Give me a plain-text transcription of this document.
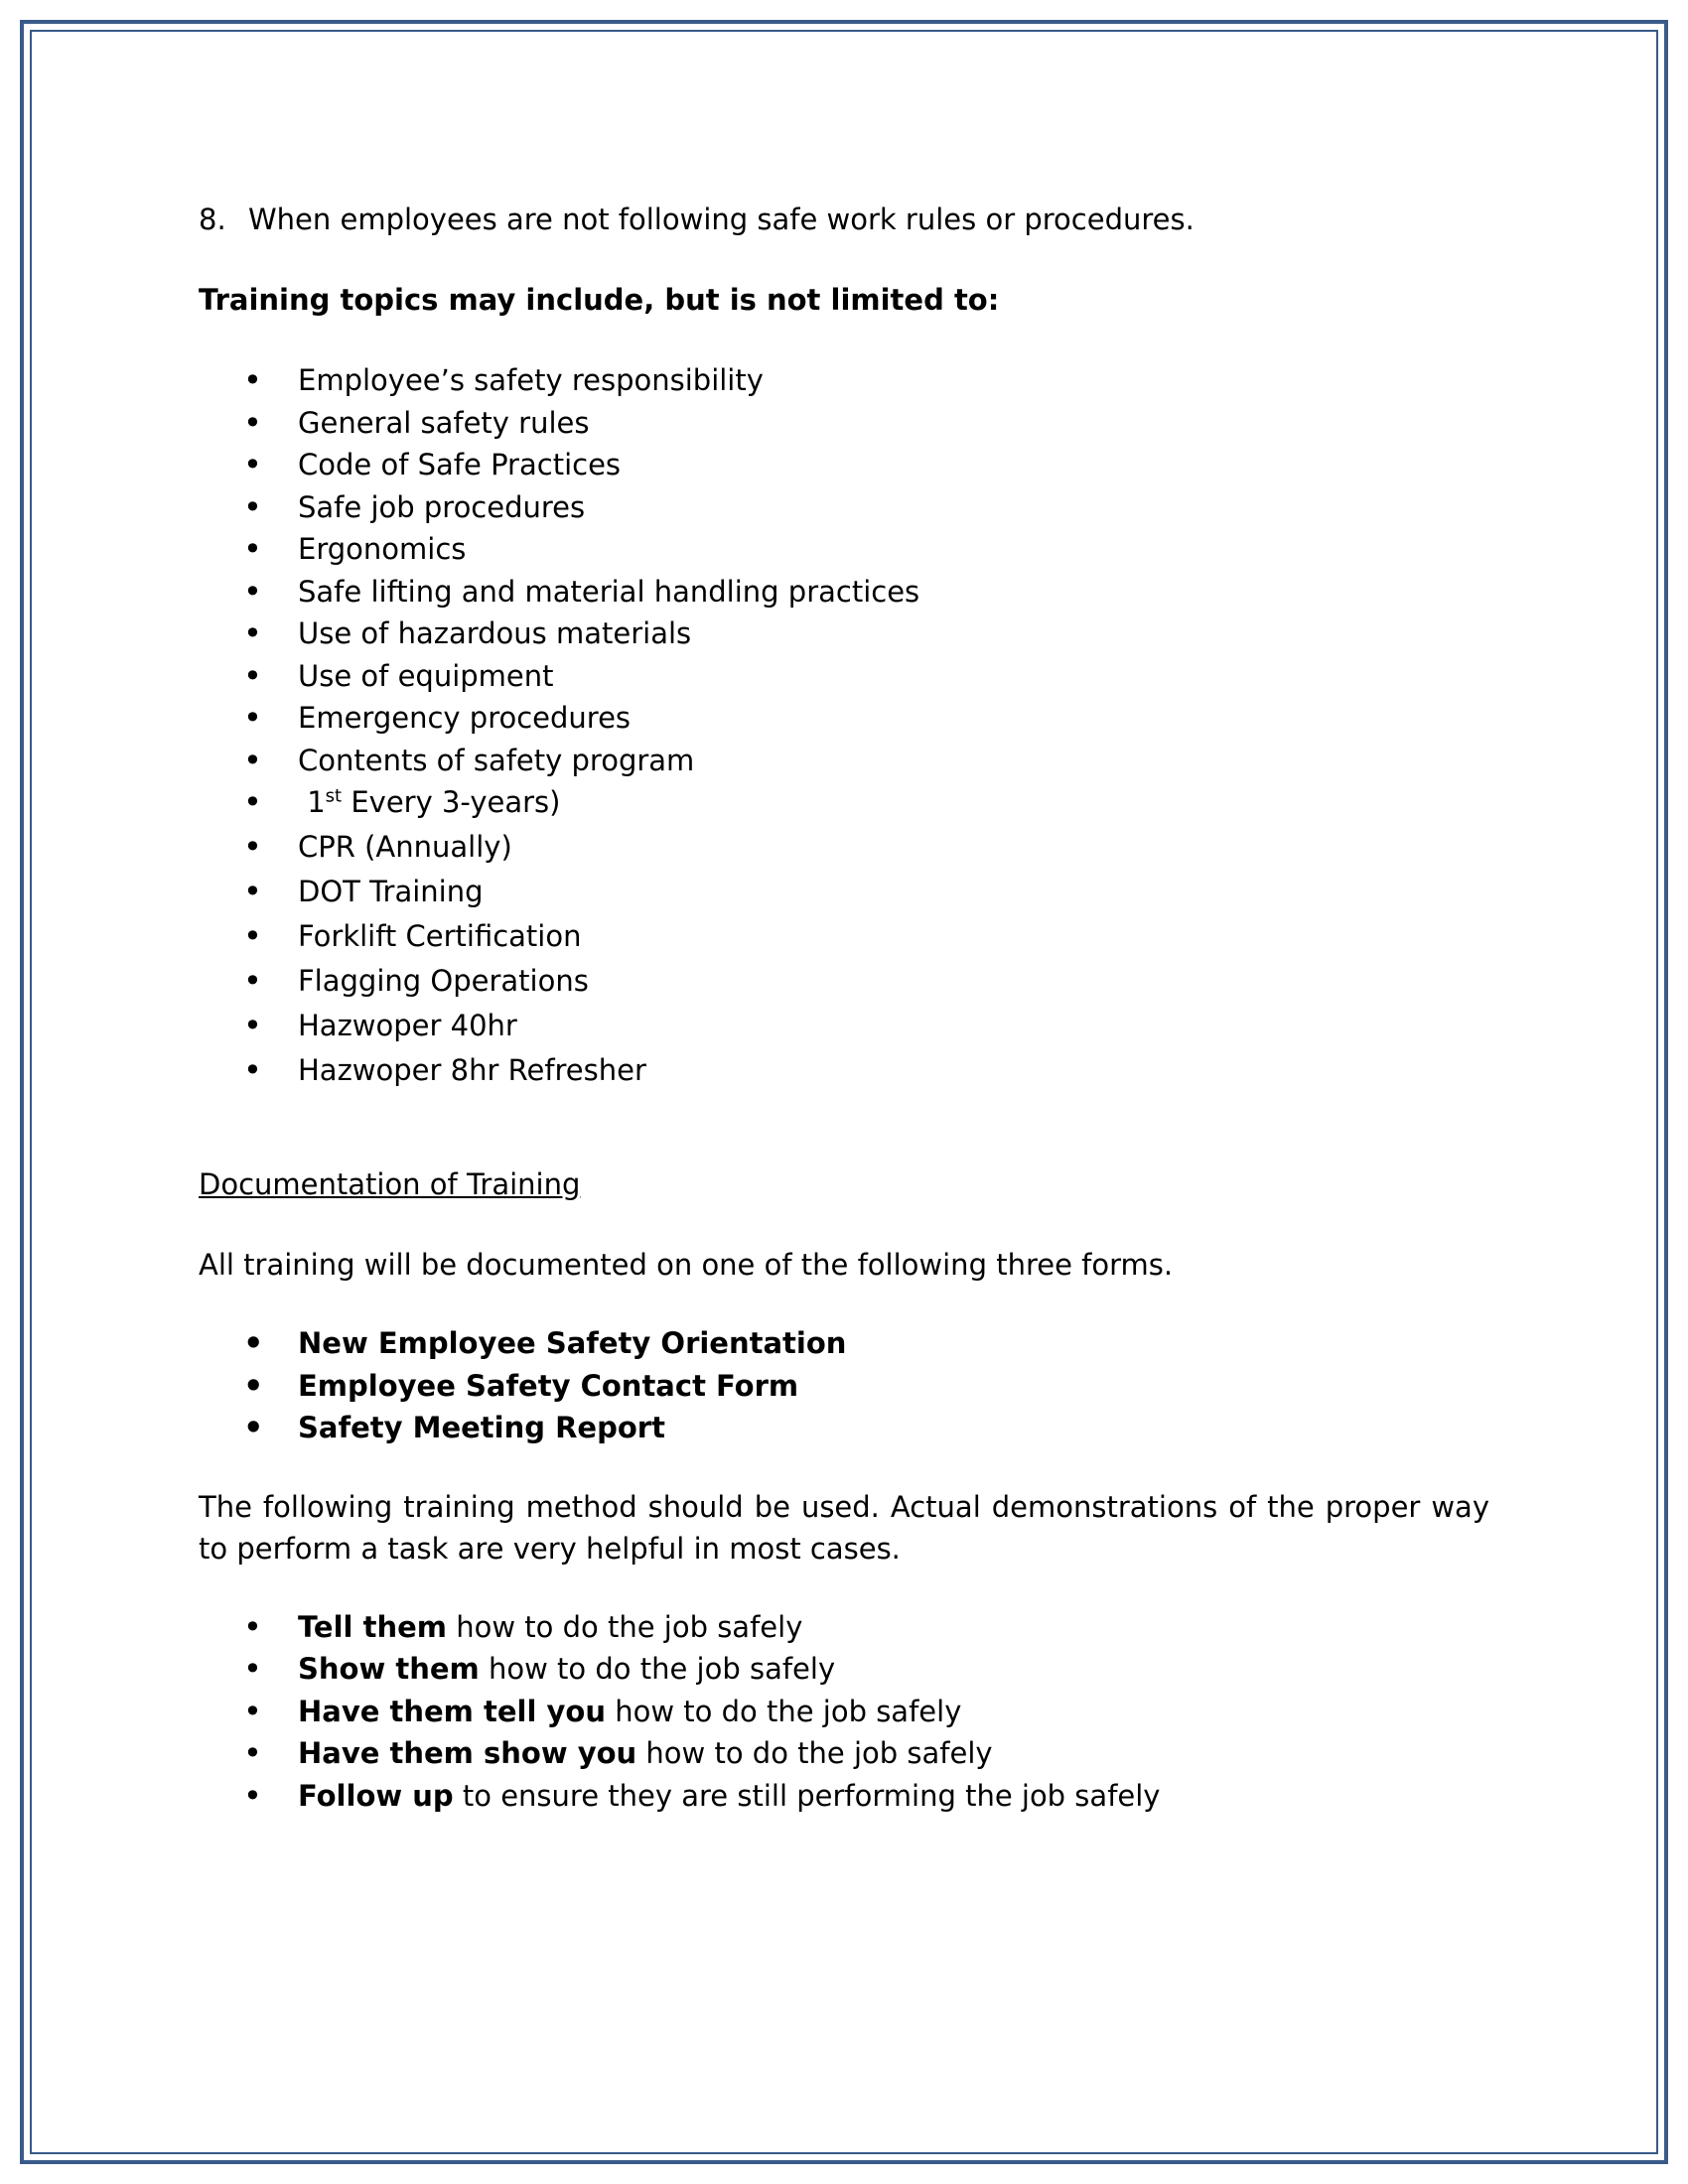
8. When employees are not following safe work rules or procedures.
Training topics may include, but is not limited to:
• Employee’s safety responsibility
• General safety rules
• Code of Safe Practices
• Safe job procedures
• Ergonomics
• Safe lifting and material handling practices
• Use of hazardous materials
• Use of equipment
• Emergency procedures
• Contents of safety program
• 1st Every 3-years)
• CPR (Annually)
• DOT Training
• Forklift Certification
• Flagging Operations
• Hazwoper 40hr
• Hazwoper 8hr Refresher
Documentation of Training
All training will be documented on one of the following three forms.
• New Employee Safety Orientation
• Employee Safety Contact Form
• Safety Meeting Report
The following training method should be used. Actual demonstrations of the proper way to perform a task are very helpful in most cases.
• Tell them how to do the job safely
• Show them how to do the job safely
• Have them tell you how to do the job safely
• Have them show you how to do the job safely
• Follow up to ensure they are still performing the job safely
